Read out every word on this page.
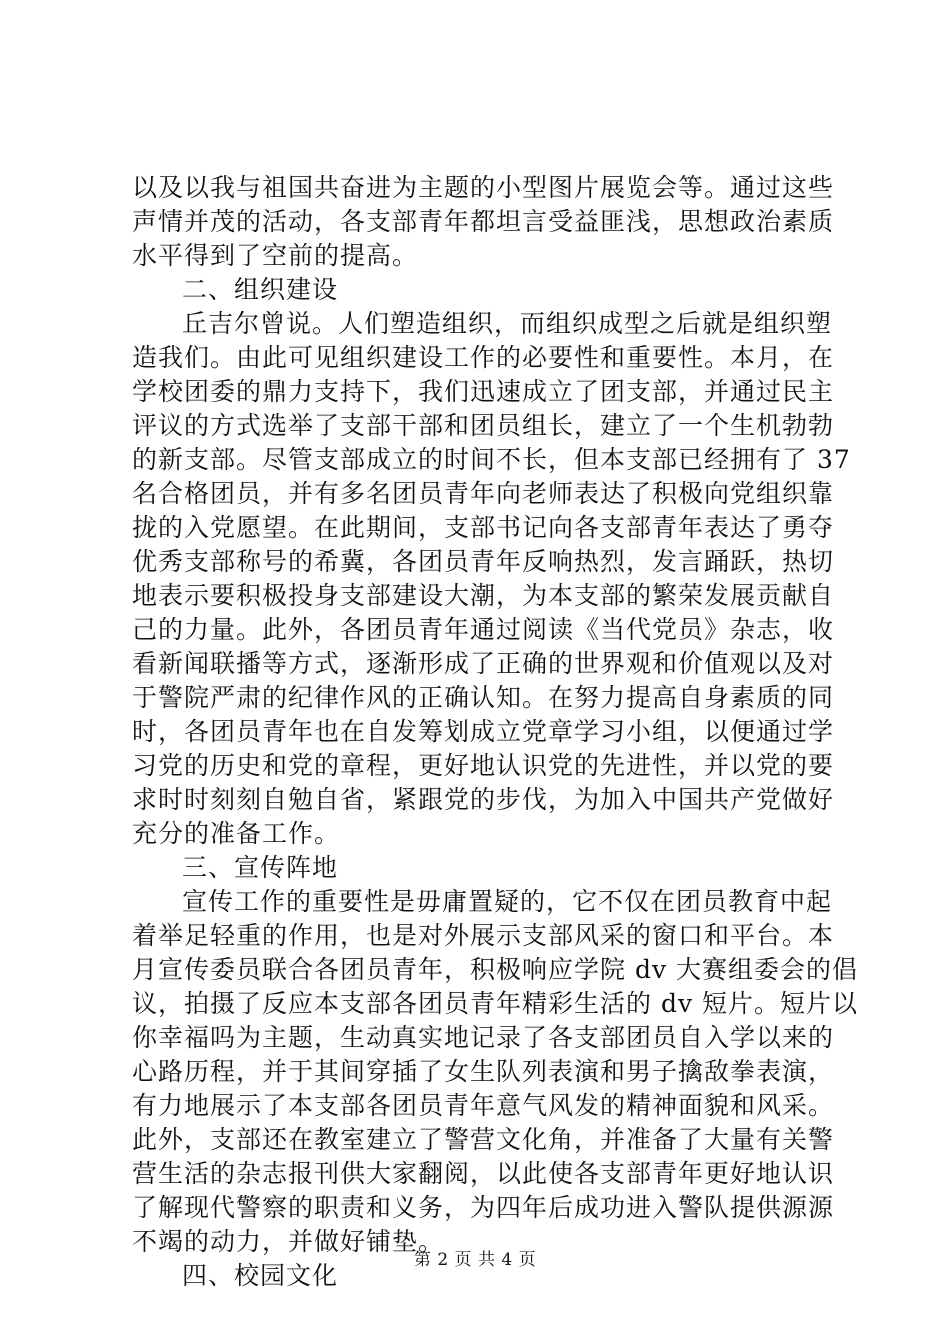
以及以我与祖国共奋进为主题的小型图片展览会等。通过这些
声情并茂的活动，各支部青年都坦言受益匪浅，思想政治素质
水平得到了空前的提高。
二、组织建设
丘吉尔曾说。人们塑造组织，而组织成型之后就是组织塑
造我们。由此可见组织建设工作的必要性和重要性。本月，在
学校团委的鼎力支持下，我们迅速成立了团支部，并通过民主
评议的方式选举了支部干部和团员组长，建立了一个生机勃勃
的新支部。尽管支部成立的时间不长，但本支部已经拥有了 37
名合格团员，并有多名团员青年向老师表达了积极向党组织靠
拢的入党愿望。在此期间，支部书记向各支部青年表达了勇夺
优秀支部称号的希冀，各团员青年反响热烈，发言踊跃，热切
地表示要积极投身支部建设大潮，为本支部的繁荣发展贡献自
己的力量。此外，各团员青年通过阅读《当代党员》杂志，收
看新闻联播等方式，逐渐形成了正确的世界观和价值观以及对
于警院严肃的纪律作风的正确认知。在努力提高自身素质的同
时，各团员青年也在自发筹划成立党章学习小组，以便通过学
习党的历史和党的章程，更好地认识党的先进性，并以党的要
求时时刻刻自勉自省，紧跟党的步伐，为加入中国共产党做好
充分的准备工作。
三、宣传阵地
宣传工作的重要性是毋庸置疑的，它不仅在团员教育中起
着举足轻重的作用，也是对外展示支部风采的窗口和平台。本
月宣传委员联合各团员青年，积极响应学院 dv 大赛组委会的倡
议，拍摄了反应本支部各团员青年精彩生活的 dv 短片。短片以
你幸福吗为主题，生动真实地记录了各支部团员自入学以来的
心路历程，并于其间穿插了女生队列表演和男子擒敌拳表演，
有力地展示了本支部各团员青年意气风发的精神面貌和风采。
此外，支部还在教室建立了警营文化角，并准备了大量有关警
营生活的杂志报刊供大家翻阅，以此使各支部青年更好地认识
了解现代警察的职责和义务，为四年后成功进入警队提供源源
不竭的动力，并做好铺垫。
四、校园文化
第 2 页 共 4 页
